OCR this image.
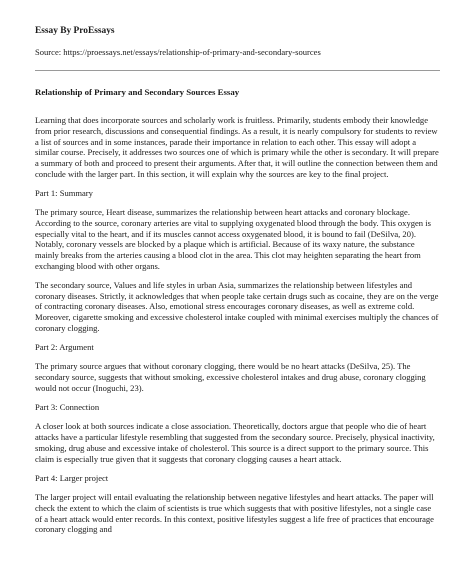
Essay By ProEssays
Source: https://proessays.net/essays/relationship-of-primary-and-secondary-sources
Relationship of Primary and Secondary Sources Essay

Learning that does incorporate sources and scholarly work is fruitless. Primarily, students embody their knowledge from prior research, discussions and consequential findings. As a result, it is nearly compulsory for students to review a list of sources and in some instances, parade their importance in relation to each other. This essay will adopt a similar course. Precisely, it addresses two sources one of which is primary while the other is secondary. It will prepare a summary of both and proceed to present their arguments. After that, it will outline the connection between them and conclude with the larger part. In this section, it will explain why the sources are key to the final project.

Part 1: Summary

The primary source, Heart disease, summarizes the relationship between heart attacks and coronary blockage. According to the source, coronary arteries are vital to supplying oxygenated blood through the body. This oxygen is especially vital to the heart, and if its muscles cannot access oxygenated blood, it is bound to fail (DeSilva, 20). Notably, coronary vessels are blocked by a plaque which is artificial. Because of its waxy nature, the substance mainly breaks from the arteries causing a blood clot in the area. This clot may heighten separating the heart from exchanging blood with other organs.

The secondary source, Values and life styles in urban Asia, summarizes the relationship between lifestyles and coronary diseases. Strictly, it acknowledges that when people take certain drugs such as cocaine, they are on the verge of contracting coronary diseases. Also, emotional stress encourages coronary diseases, as well as extreme cold. Moreover, cigarette smoking and excessive cholesterol intake coupled with minimal exercises multiply the chances of coronary clogging.

Part 2: Argument

The primary source argues that without coronary clogging, there would be no heart attacks (DeSilva, 25). The secondary source, suggests that without smoking, excessive cholesterol intakes and drug abuse, coronary clogging would not occur (Inoguchi, 23).

Part 3: Connection

A closer look at both sources indicate a close association. Theoretically, doctors argue that people who die of heart attacks have a particular lifestyle resembling that suggested from the secondary source. Precisely, physical inactivity, smoking, drug abuse and excessive intake of cholesterol. This source is a direct support to the primary source. This claim is especially true given that it suggests that coronary clogging causes a heart attack.

Part 4: Larger project

The larger project will entail evaluating the relationship between negative lifestyles and heart attacks. The paper will check the extent to which the claim of scientists is true which suggests that with positive lifestyles, not a single case of a heart attack would enter records. In this context, positive lifestyles suggest a life free of practices that encourage coronary clogging and
